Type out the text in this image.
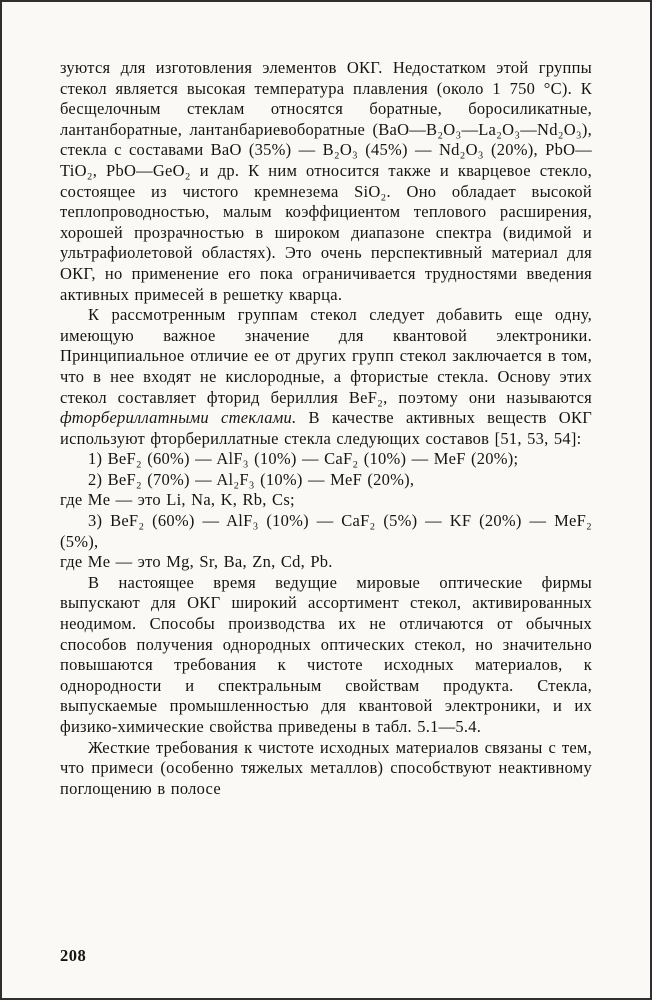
зуются для изготовления элементов ОКГ. Недостатком этой группы стекол является высокая температура плавления (около 1 750 °С). К бесщелочным стеклам относятся боратные, боросиликатные, лантанборатные, лантанбариевоборатные (BaO—B₂O₃—La₂O₃—Nd₂O₃), стекла с составами BaO (35%) — B₂O₃ (45%) — Nd₂O₃ (20%), PbO—TiO₂, PbO—GeO₂ и др. К ним относится также и кварцевое стекло, состоящее из чистого кремнезема SiO₂. Оно обладает высокой теплопроводностью, малым коэффициентом теплового расширения, хорошей прозрачностью в широком диапазоне спектра (видимой и ультрафиолетовой областях). Это очень перспективный материал для ОКГ, но применение его пока ограничивается трудностями введения активных примесей в решетку кварца.

К рассмотренным группам стекол следует добавить еще одну, имеющую важное значение для квантовой электроники. Принципиальное отличие ее от других групп стекол заключается в том, что в нее входят не кислородные, а фтористые стекла. Основу этих стекол составляет фторид бериллия BeF₂, поэтому они называются фторбериллатными стеклами. В качестве активных веществ ОКГ используют фторбериллатные стекла следующих составов [51, 53, 54]:

1) BeF₂ (60%) — AlF₃ (10%) — CaF₂ (10%) — MeF (20%);

2) BeF₂ (70%) — Al₂F₃ (10%) — MeF (20%),

где Me — это Li, Na, K, Rb, Cs;

3) BeF₂ (60%) — AlF₃ (10%) — CaF₂ (5%) — KF (20%) — MeF₂ (5%),

где Me — это Mg, Sr, Ba, Zn, Cd, Pb.

В настоящее время ведущие мировые оптические фирмы выпускают для ОКГ широкий ассортимент стекол, активированных неодимом. Способы производства их не отличаются от обычных способов получения однородных оптических стекол, но значительно повышаются требования к чистоте исходных материалов, к однородности и спектральным свойствам продукта. Стекла, выпускаемые промышленностью для квантовой электроники, и их физико-химические свойства приведены в табл. 5.1—5.4.

Жесткие требования к чистоте исходных материалов связаны с тем, что примеси (особенно тяжелых металлов) способствуют неактивному поглощению в полосе

208
